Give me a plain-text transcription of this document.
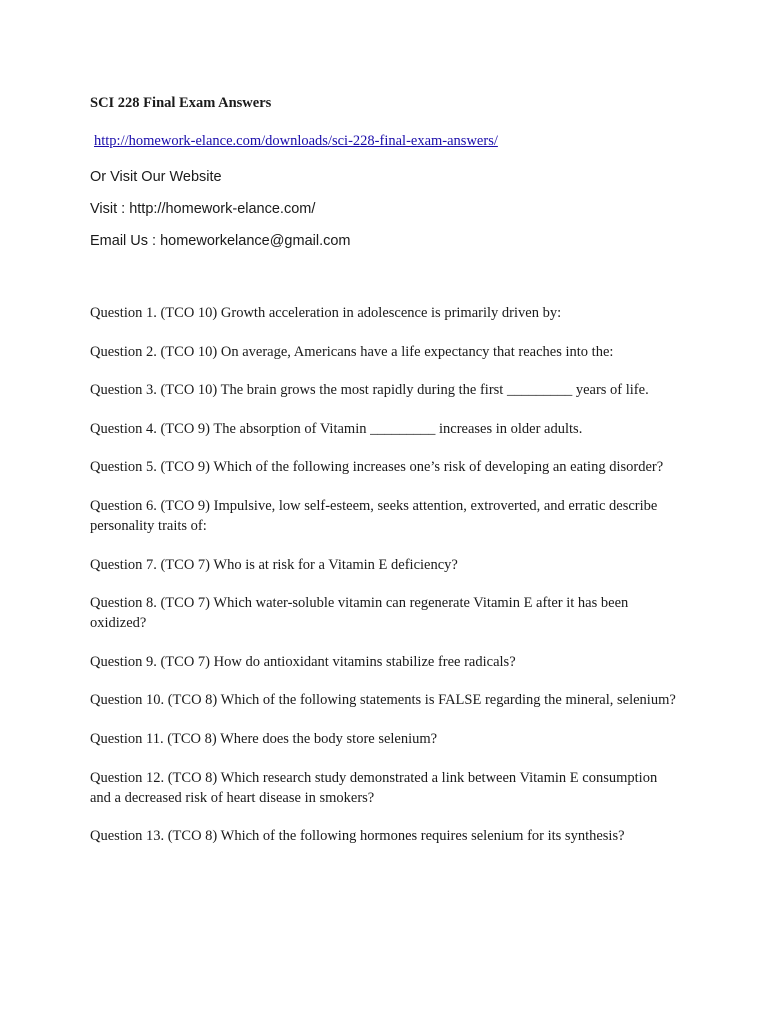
SCI 228 Final Exam Answers
http://homework-elance.com/downloads/sci-228-final-exam-answers/
Or Visit Our Website
Visit : http://homework-elance.com/
Email Us : homeworkelance@gmail.com
Question 1. (TCO 10) Growth acceleration in adolescence is primarily driven by:
Question 2. (TCO 10) On average, Americans have a life expectancy that reaches into the:
Question 3. (TCO 10) The brain grows the most rapidly during the first _________ years of life.
Question 4. (TCO 9) The absorption of Vitamin _________ increases in older adults.
Question 5. (TCO 9) Which of the following increases one’s risk of developing an eating disorder?
Question 6. (TCO 9) Impulsive, low self-esteem, seeks attention, extroverted, and erratic describe personality traits of:
Question 7. (TCO 7) Who is at risk for a Vitamin E deficiency?
Question 8. (TCO 7) Which water-soluble vitamin can regenerate Vitamin E after it has been oxidized?
Question 9. (TCO 7) How do antioxidant vitamins stabilize free radicals?
Question 10. (TCO 8) Which of the following statements is FALSE regarding the mineral, selenium?
Question 11. (TCO 8) Where does the body store selenium?
Question 12. (TCO 8) Which research study demonstrated a link between Vitamin E consumption and a decreased risk of heart disease in smokers?
Question 13. (TCO 8) Which of the following hormones requires selenium for its synthesis?
